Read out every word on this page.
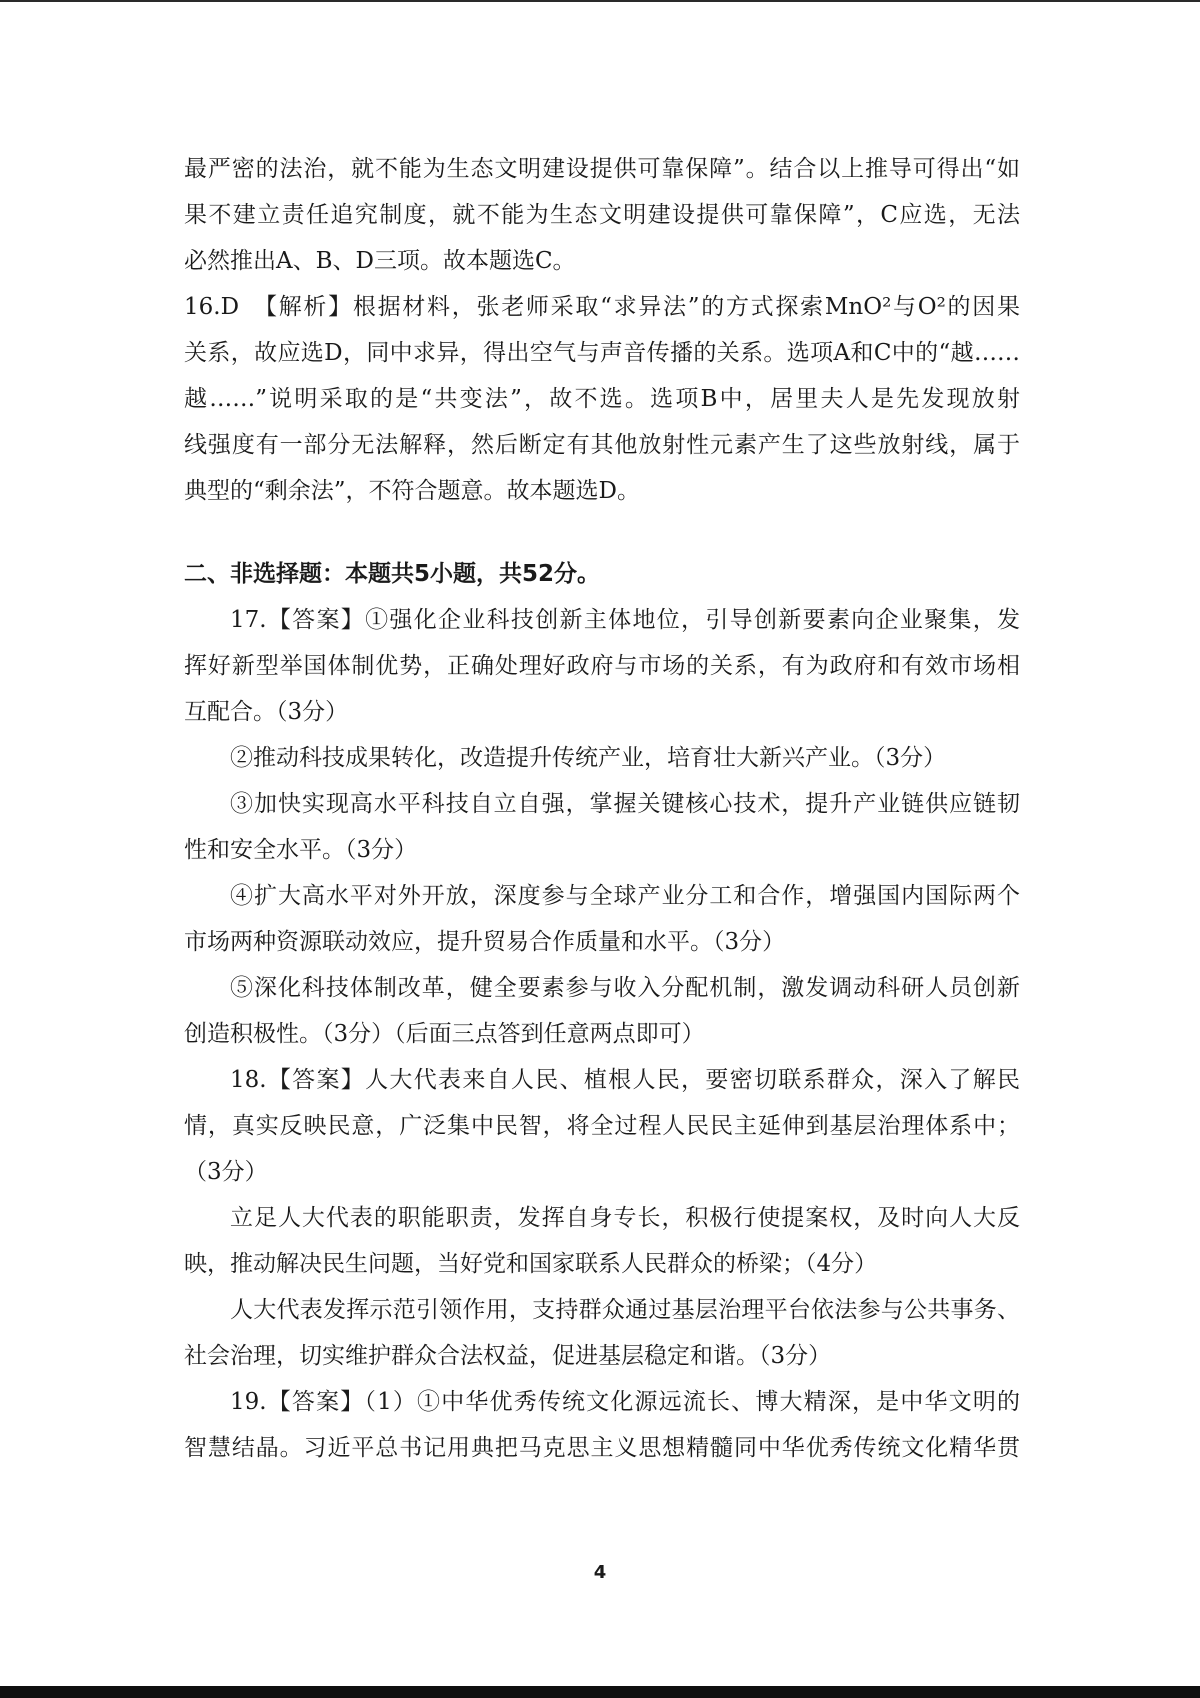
最严密的法治，就不能为生态文明建设提供可靠保障”。结合以上推导可得出“如
果不建立责任追究制度，就不能为生态文明建设提供可靠保障”，C应选，无法
必然推出A、B、D三项。故本题选C。
16.D　【解析】根据材料，张老师采取“求异法”的方式探索MnO²与O²的因果
关系，故应选D，同中求异，得出空气与声音传播的关系。选项A和C中的“越……
越……”说明采取的是“共变法”，故不选。选项B中，居里夫人是先发现放射
线强度有一部分无法解释，然后断定有其他放射性元素产生了这些放射线，属于
典型的“剩余法”，不符合题意。故本题选D。
二、非选择题：本题共5小题，共52分。
17.【答案】①强化企业科技创新主体地位，引导创新要素向企业聚集，发
挥好新型举国体制优势，正确处理好政府与市场的关系，有为政府和有效市场相
互配合。（3分）
②推动科技成果转化，改造提升传统产业，培育壮大新兴产业。（3分）
③加快实现高水平科技自立自强，掌握关键核心技术，提升产业链供应链韧
性和安全水平。（3分）
④扩大高水平对外开放，深度参与全球产业分工和合作，增强国内国际两个
市场两种资源联动效应，提升贸易合作质量和水平。（3分）
⑤深化科技体制改革，健全要素参与收入分配机制，激发调动科研人员创新
创造积极性。（3分）（后面三点答到任意两点即可）
18.【答案】人大代表来自人民、植根人民，要密切联系群众，深入了解民
情，真实反映民意，广泛集中民智，将全过程人民民主延伸到基层治理体系中；
（3分）
立足人大代表的职能职责，发挥自身专长，积极行使提案权，及时向人大反
映，推动解决民生问题，当好党和国家联系人民群众的桥梁；（4分）
人大代表发挥示范引领作用，支持群众通过基层治理平台依法参与公共事务、
社会治理，切实维护群众合法权益，促进基层稳定和谐。（3分）
19.【答案】（1）①中华优秀传统文化源远流长、博大精深，是中华文明的
智慧结晶。习近平总书记用典把马克思主义思想精髓同中华优秀传统文化精华贯
4
